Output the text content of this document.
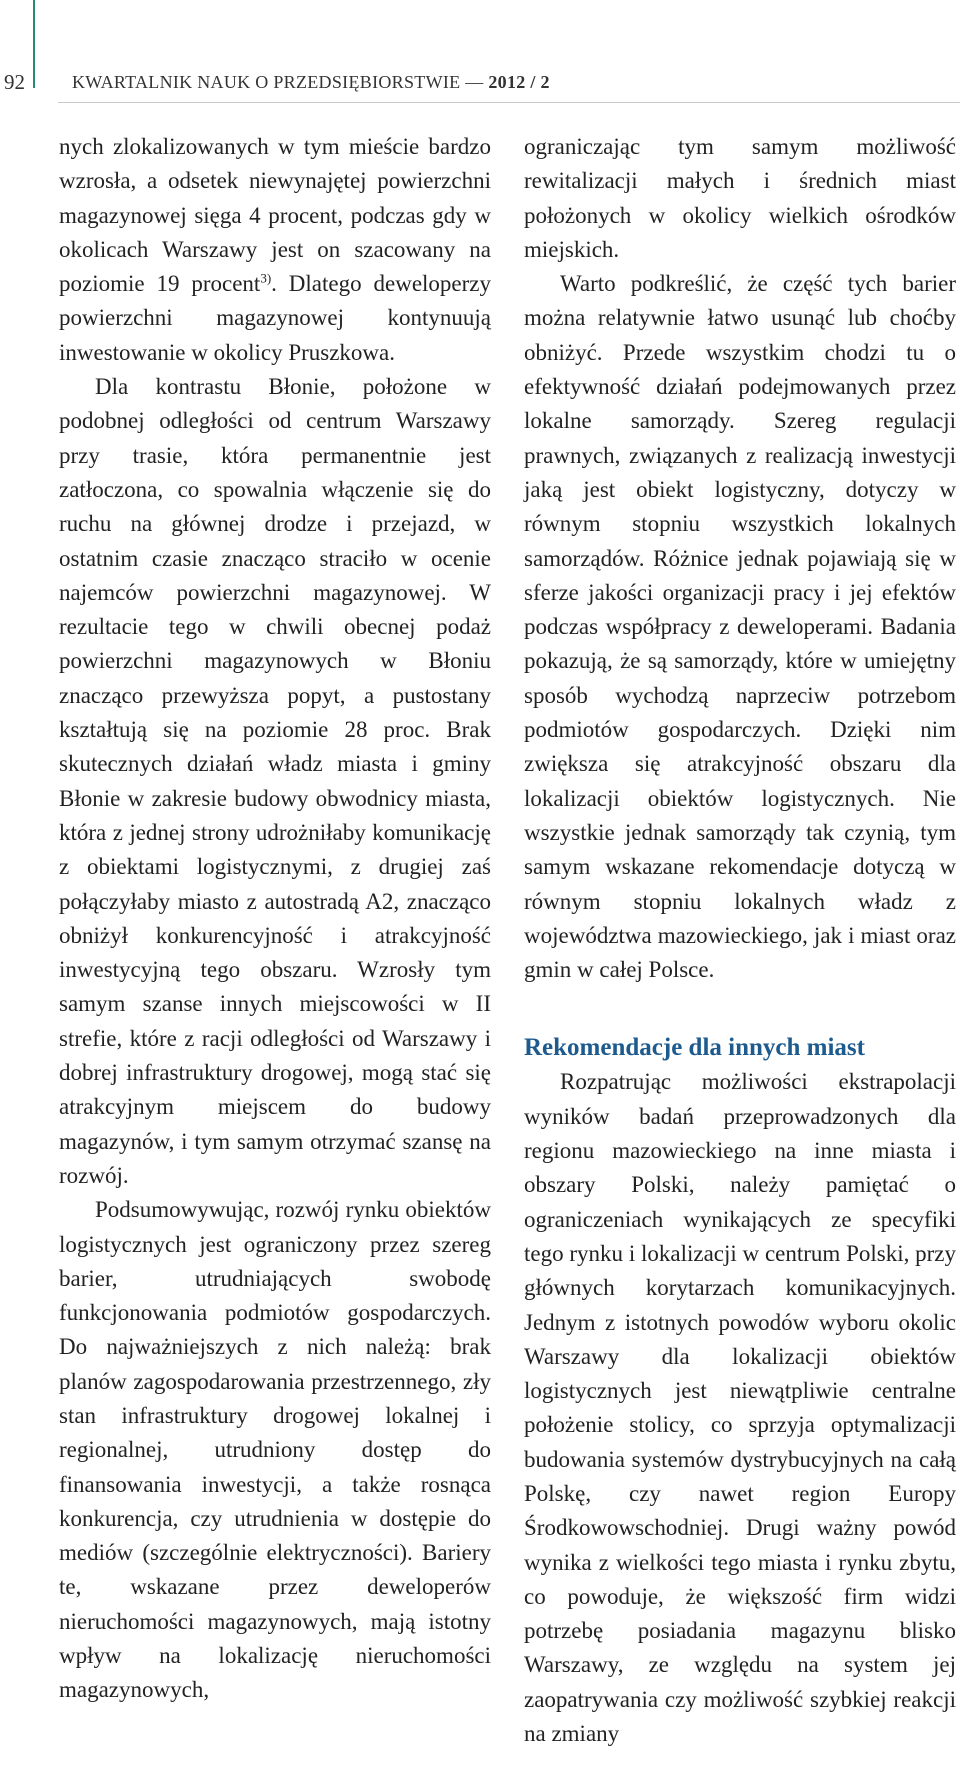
92	KWARTALNIK NAUK O PRZEDSIĘBIORSTWIE — 2012 / 2

nych zlokalizowanych w tym mieście bardzo wzrosła, a odsetek niewynajętej powierzchni magazynowej sięga 4 procent, podczas gdy w okolicach Warszawy jest on szacowany na poziomie 19 procent$^{3)}$. Dlatego deweloperzy powierzchni magazynowej kontynuują inwestowanie w okolicy Pruszkowa.

Dla kontrastu Błonie, położone w podobnej odległości od centrum Warszawy przy trasie, która permanentnie jest zatłoczona, co spowalnia włączenie się do ruchu na głównej drodze i przejazd, w ostatnim czasie znacząco straciło w ocenie najemców powierzchni magazynowej. W rezultacie tego w chwili obecnej podaż powierzchni magazynowych w Błoniu znacząco przewyższa popyt, a pustostany kształtują się na poziomie 28 proc. Brak skutecznych działań władz miasta i gminy Błonie w zakresie budowy obwodnicy miasta, która z jednej strony udrożniłaby komunikację z obiektami logistycznymi, z drugiej zaś połączyłaby miasto z autostradą A2, znacząco obniżył konkurencyjność i atrakcyjność inwestycyjną tego obszaru. Wzrosły tym samym szanse innych miejscowości w II strefie, które z racji odległości od Warszawy i dobrej infrastruktury drogowej, mogą stać się atrakcyjnym miejscem do budowy magazynów, i tym samym otrzymać szansę na rozwój.

Podsumowywując, rozwój rynku obiektów logistycznych jest ograniczony przez szereg barier, utrudniających swobodę funkcjonowania podmiotów gospodarczych. Do najważniejszych z nich należą: brak planów zagospodarowania przestrzennego, zły stan infrastruktury drogowej lokalnej i regionalnej, utrudniony dostęp do finansowania inwestycji, a także rosnąca konkurencja, czy utrudnienia w dostępie do mediów (szczególnie elektryczności). Bariery te, wskazane przez deweloperów nieruchomości magazynowych, mają istotny wpływ na lokalizację nieruchomości magazynowych,

ograniczając tym samym możliwość rewitalizacji małych i średnich miast położonych w okolicy wielkich ośrodków miejskich.

Warto podkreślić, że część tych barier można relatywnie łatwo usunąć lub choćby obniżyć. Przede wszystkim chodzi tu o efektywność działań podejmowanych przez lokalne samorządy. Szereg regulacji prawnych, związanych z realizacją inwestycji jaką jest obiekt logistyczny, dotyczy w równym stopniu wszystkich lokalnych samorządów. Różnice jednak pojawiają się w sferze jakości organizacji pracy i jej efektów podczas współpracy z deweloperami. Badania pokazują, że są samorządy, które w umiejętny sposób wychodzą naprzeciw potrzebom podmiotów gospodarczych. Dzięki nim zwiększa się atrakcyjność obszaru dla lokalizacji obiektów logistycznych. Nie wszystkie jednak samorządy tak czynią, tym samym wskazane rekomendacje dotyczą w równym stopniu lokalnych władz z województwa mazowieckiego, jak i miast oraz gmin w całej Polsce.

Rekomendacje dla innych miast

Rozpatrując możliwości ekstrapolacji wyników badań przeprowadzonych dla regionu mazowieckiego na inne miasta i obszary Polski, należy pamiętać o ograniczeniach wynikających ze specyfiki tego rynku i lokalizacji w centrum Polski, przy głównych korytarzach komunikacyjnych. Jednym z istotnych powodów wyboru okolic Warszawy dla lokalizacji obiektów logistycznych jest niewątpliwie centralne położenie stolicy, co sprzyja optymalizacji budowania systemów dystrybucyjnych na całą Polskę, czy nawet region Europy Środkowowschodniej. Drugi ważny powód wynika z wielkości tego miasta i rynku zbytu, co powoduje, że większość firm widzi potrzebę posiadania magazynu blisko Warszawy, ze względu na system jej zaopatrywania czy możliwość szybkiej reakcji na zmiany
